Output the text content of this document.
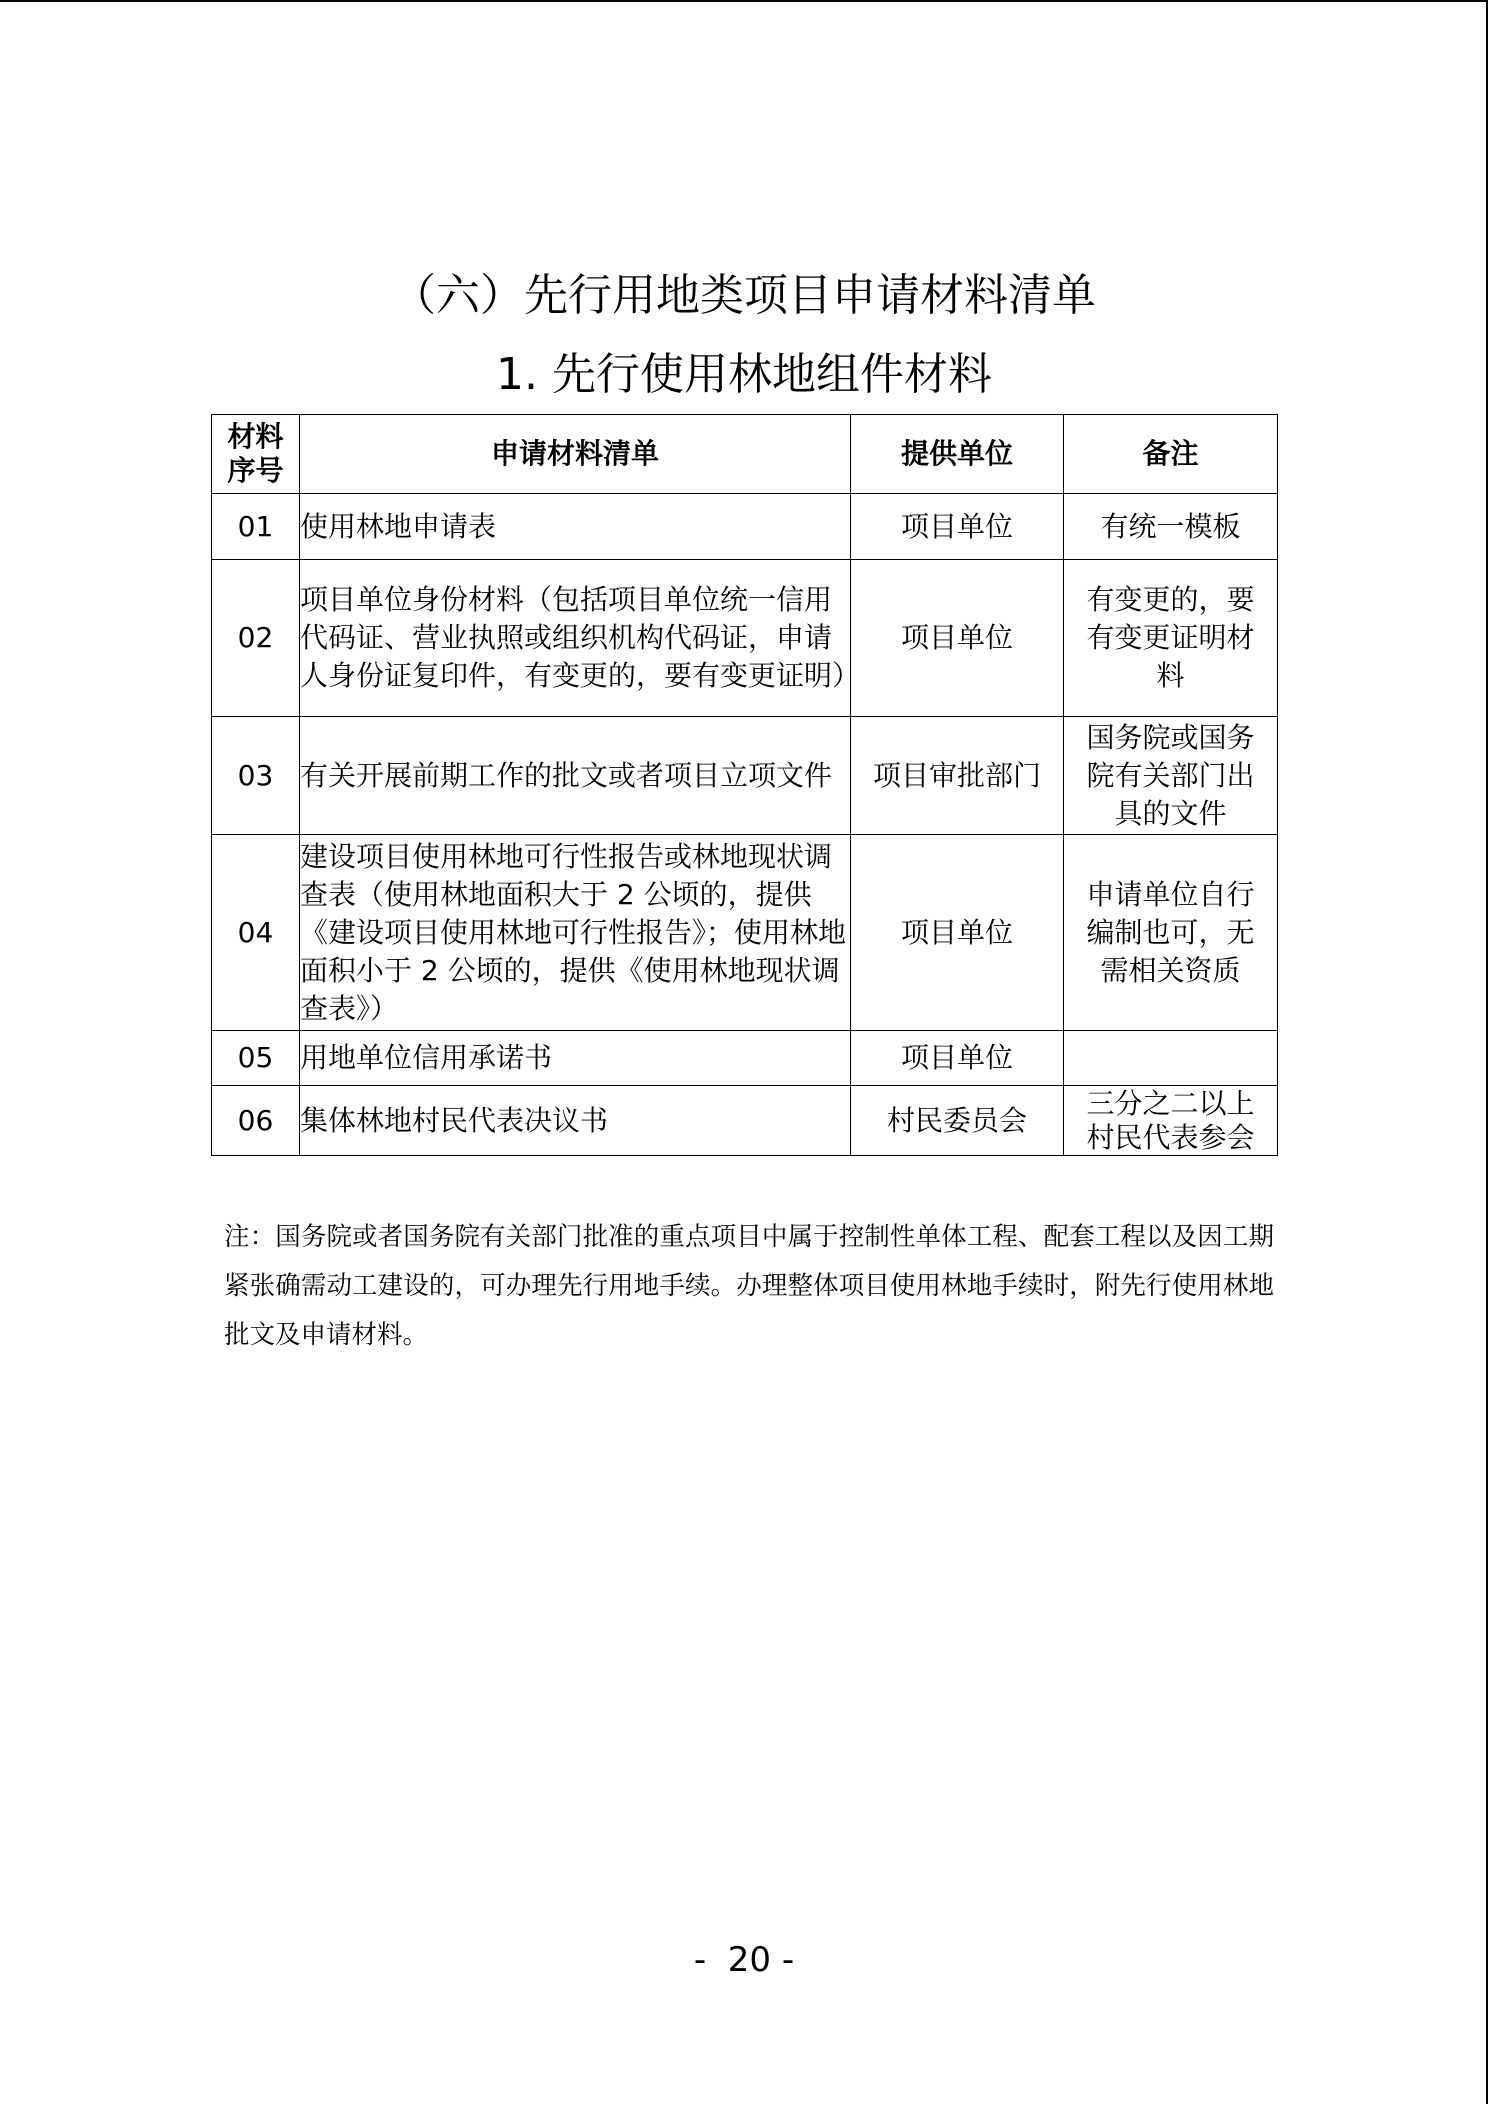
（六）先行用地类项目申请材料清单
1. 先行使用林地组件材料
材料序号	申请材料清单	提供单位	备注
01	使用林地申请表	项目单位	有统一模板
02	项目单位身份材料（包括项目单位统一信用代码证、营业执照或组织机构代码证，申请人身份证复印件，有变更的，要有变更证明）	项目单位	有变更的，要有变更证明材料
03	有关开展前期工作的批文或者项目立项文件	项目审批部门	国务院或国务院有关部门出具的文件
04	建设项目使用林地可行性报告或林地现状调查表（使用林地面积大于 2 公顷的，提供《建设项目使用林地可行性报告》；使用林地面积小于 2 公顷的，提供《使用林地现状调查表》）	项目单位	申请单位自行编制也可，无需相关资质
05	用地单位信用承诺书	项目单位	
06	集体林地村民代表决议书	村民委员会	三分之二以上村民代表参会
注：国务院或者国务院有关部门批准的重点项目中属于控制性单体工程、配套工程以及因工期紧张确需动工建设的，可办理先行用地手续。办理整体项目使用林地手续时，附先行使用林地批文及申请材料。
-  20 -
